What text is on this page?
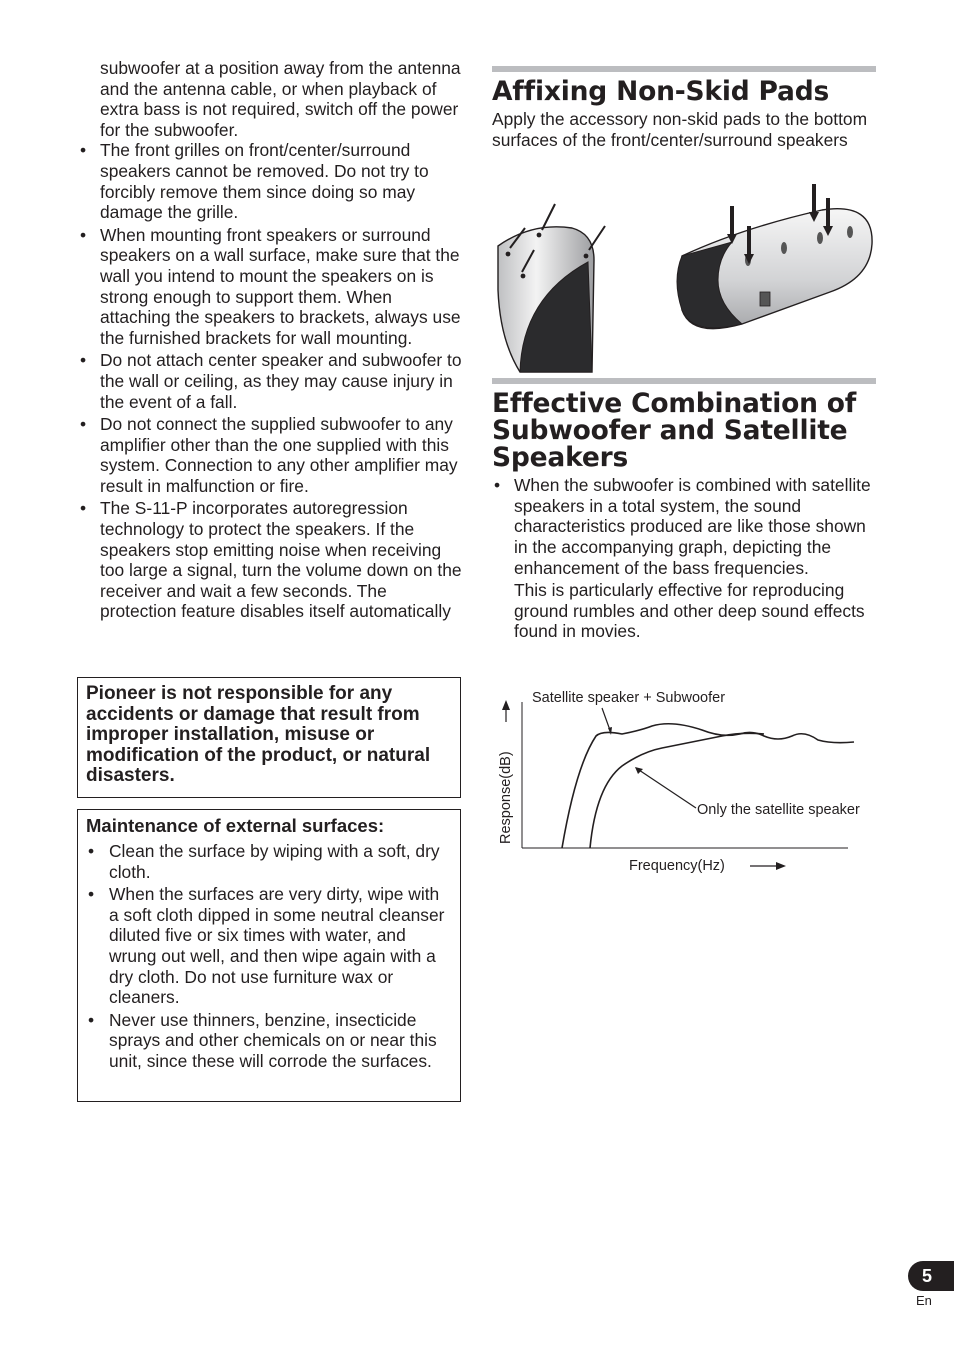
subwoofer at a position away from the antenna and the antenna cable, or when playback of extra bass is not required, switch off the power for the subwoofer.
• The front grilles on front/center/surround speakers cannot be removed. Do not try to forcibly remove them since doing so may damage the grille.
• When mounting front speakers or surround speakers on a wall surface, make sure that the wall you intend to mount the speakers on is strong enough to support them. When attaching the speakers to brackets, always use the furnished brackets for wall mounting.
• Do not attach center speaker and subwoofer to the wall or ceiling, as they may cause injury in the event of a fall.
• Do not connect the supplied subwoofer to any amplifier other than the one supplied with this system. Connection to any other amplifier may result in malfunction or fire.
• The S-11-P incorporates autoregression technology to protect the speakers. If the speakers stop emitting noise when receiving too large a signal, turn the volume down on the receiver and wait a few seconds. The protection feature disables itself automatically
Pioneer is not responsible for any accidents or damage that result from improper installation, misuse or modification of the product, or natural disasters.
Maintenance of external surfaces:
• Clean the surface by wiping with a soft, dry cloth.
• When the surfaces are very dirty, wipe with a soft cloth dipped in some neutral cleanser diluted five or six times with water, and wrung out well, and then wipe again with a dry cloth. Do not use furniture wax or cleaners.
• Never use thinners, benzine, insecticide sprays and other chemicals on or near this unit, since these will corrode the surfaces.
Affixing Non-Skid Pads
Apply the accessory non-skid pads to the bottom surfaces of the front/center/surround speakers
Effective Combination of Subwoofer and Satellite Speakers
• When the subwoofer is combined with satellite speakers in a total system, the sound characteristics produced are like those shown in the accompanying graph, depicting the enhancement of the bass frequencies.
This is particularly effective for reproducing ground rumbles and other deep sound effects found in movies.
Satellite speaker + Subwoofer
Response(dB)	Only the satellite speaker
Frequency(Hz)
5
En
